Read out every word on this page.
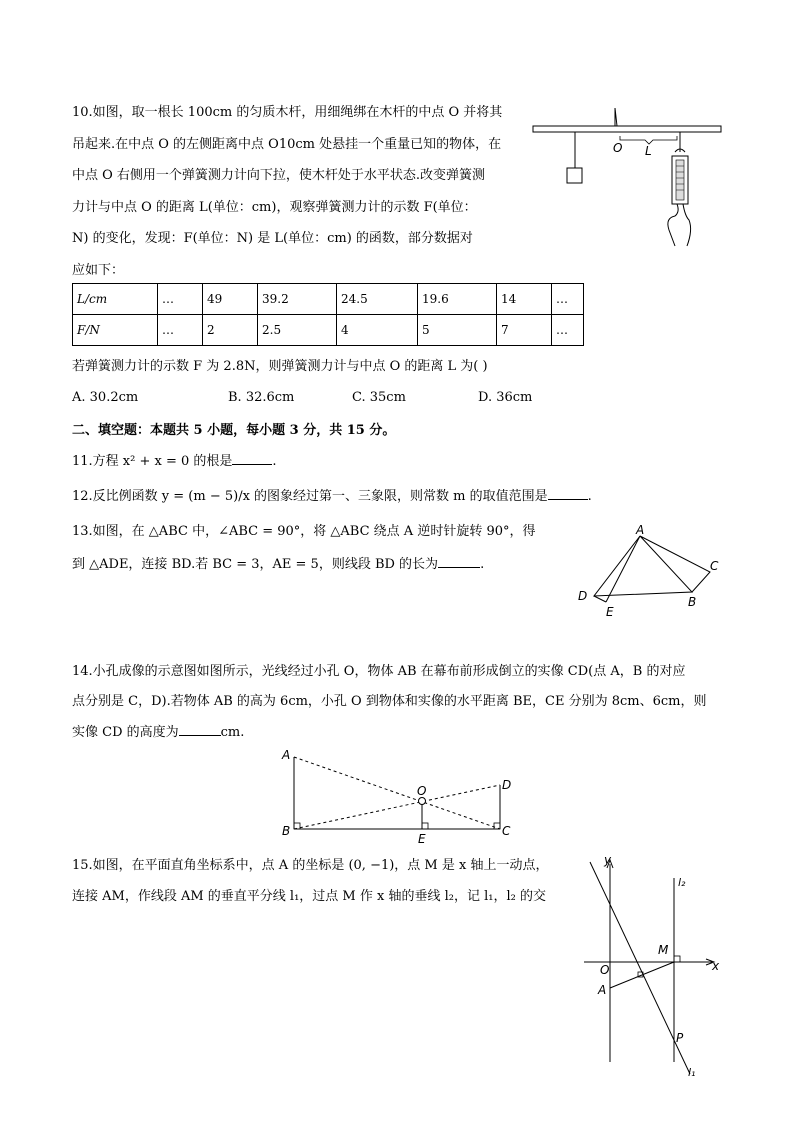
10.如图，取一根长 100cm 的匀质木杆，用细绳绑在木杆的中点 O 并将其
吊起来.在中点 O 的左侧距离中点 O10cm 处悬挂一个重量已知的物体，在
中点 O 右侧用一个弹簧测力计向下拉，使木杆处于水平状态.改变弹簧测
力计与中点 O 的距离 L(单位：cm)，观察弹簧测力计的示数 F(单位：
N) 的变化，发现：F(单位：N) 是 L(单位：cm) 的函数，部分数据对
应如下：
L/cm	…	49	39.2	24.5	19.6	14	…
F/N	…	2	2.5	4	5	7	…
若弹簧测力计的示数 F 为 2.8N，则弹簧测力计与中点 O 的距离 L 为( )
A. 30.2cm	B. 32.6cm	C. 35cm	D. 36cm
O L
二、填空题：本题共 5 小题，每小题 3 分，共 15 分。
11.方程 x² + x = 0 的根是	.
12.反比例函数 y = (m − 5)/x 的图象经过第一、三象限，则常数 m 的取值范围是	.
13.如图，在 △ABC 中，∠ABC = 90°，将 △ABC 绕点 A 逆时针旋转 90°，得
到 △ADE，连接 BD.若 BC = 3，AE = 5，则线段 BD 的长为	.
A
B
C
D
E
14.小孔成像的示意图如图所示，光线经过小孔 O，物体 AB 在幕布前形成倒立的实像 CD(点 A，B 的对应
点分别是 C，D).若物体 AB 的高为 6cm，小孔 O 到物体和实像的水平距离 BE，CE 分别为 8cm、6cm，则
实像 CD 的高度为	cm.
A
B
O	D
E
C
15.如图，在平面直角坐标系中，点 A 的坐标是 (0, −1)，点 M 是 x 轴上一动点，
连接 AM，作线段 AM 的垂直平分线 l₁，过点 M 作 x 轴的垂线 l₂，记 l₁，l₂ 的交
y
x
O
A
M
P
l₁
l₂
